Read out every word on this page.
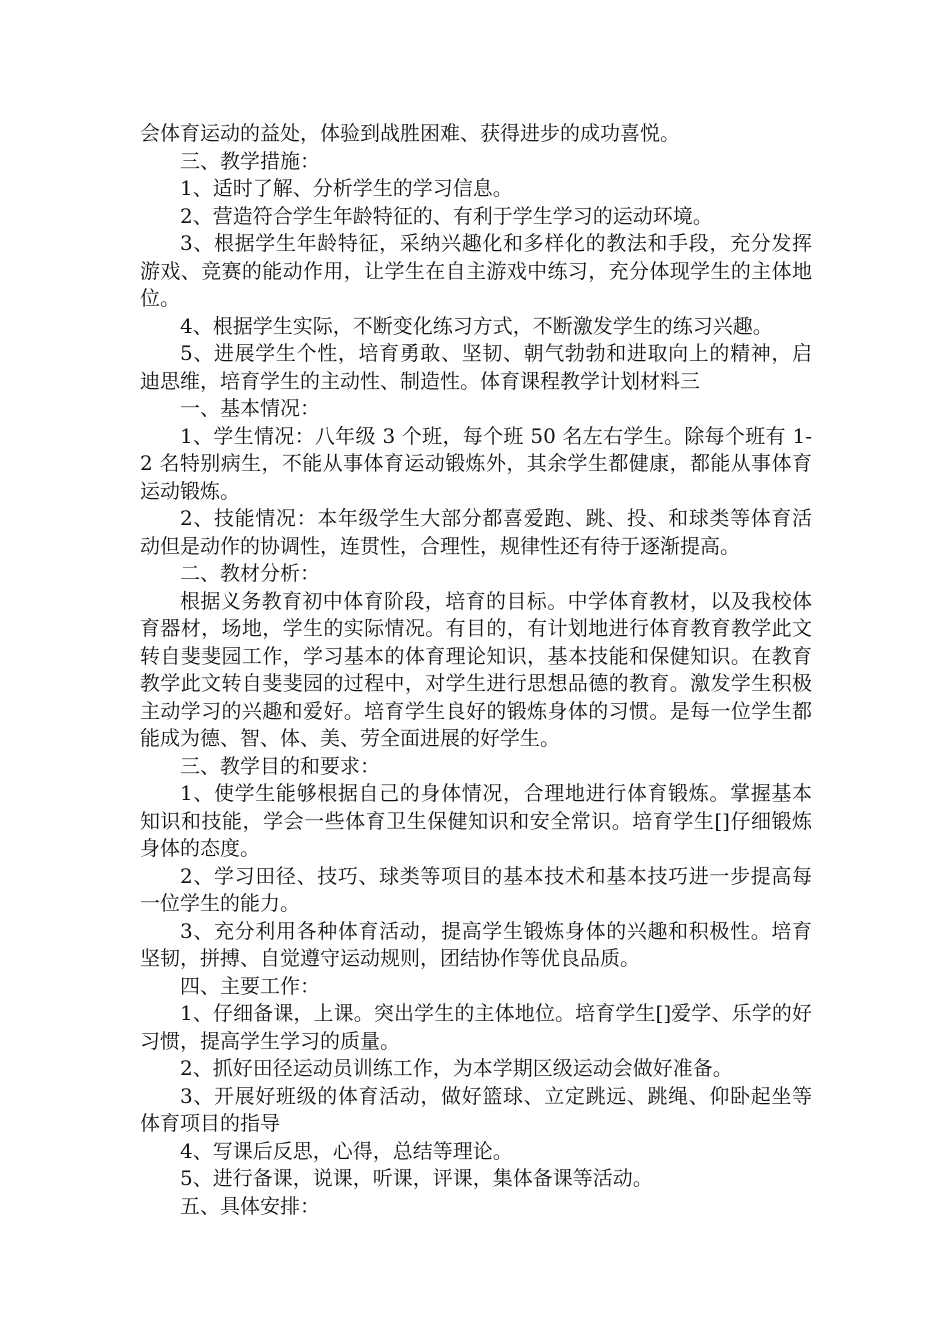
会体育运动的益处，体验到战胜困难、获得进步的成功喜悦。

三、教学措施：

1、适时了解、分析学生的学习信息。

2、营造符合学生年龄特征的、有利于学生学习的运动环境。

3、根据学生年龄特征，采纳兴趣化和多样化的教法和手段，充分发挥游戏、竞赛的能动作用，让学生在自主游戏中练习，充分体现学生的主体地位。

4、根据学生实际，不断变化练习方式，不断激发学生的练习兴趣。

5、进展学生个性，培育勇敢、坚韧、朝气勃勃和进取向上的精神，启迪思维，培育学生的主动性、制造性。体育课程教学计划材料三

一、基本情况：

1、学生情况：八年级 3 个班，每个班 50 名左右学生。除每个班有 1-2 名特别病生，不能从事体育运动锻炼外，其余学生都健康，都能从事体育运动锻炼。

2、技能情况：本年级学生大部分都喜爱跑、跳、投、和球类等体育活动但是动作的协调性，连贯性，合理性，规律性还有待于逐渐提高。

二、教材分析：

根据义务教育初中体育阶段，培育的目标。中学体育教材，以及我校体育器材，场地，学生的实际情况。有目的，有计划地进行体育教育教学此文转自斐斐园工作，学习基本的体育理论知识，基本技能和保健知识。在教育教学此文转自斐斐园的过程中，对学生进行思想品德的教育。激发学生积极主动学习的兴趣和爱好。培育学生良好的锻炼身体的习惯。是每一位学生都能成为德、智、体、美、劳全面进展的好学生。

三、教学目的和要求：

1、使学生能够根据自己的身体情况，合理地进行体育锻炼。掌握基本知识和技能，学会一些体育卫生保健知识和安全常识。培育学生[]仔细锻炼身体的态度。

2、学习田径、技巧、球类等项目的基本技术和基本技巧进一步提高每一位学生的能力。

3、充分利用各种体育活动，提高学生锻炼身体的兴趣和积极性。培育坚韧，拼搏、自觉遵守运动规则，团结协作等优良品质。

四、主要工作：

1、仔细备课，上课。突出学生的主体地位。培育学生[]爱学、乐学的好习惯，提高学生学习的质量。

2、抓好田径运动员训练工作，为本学期区级运动会做好准备。

3、开展好班级的体育活动，做好篮球、立定跳远、跳绳、仰卧起坐等体育项目的指导

4、写课后反思，心得，总结等理论。

5、进行备课，说课，听课，评课，集体备课等活动。

五、具体安排：
